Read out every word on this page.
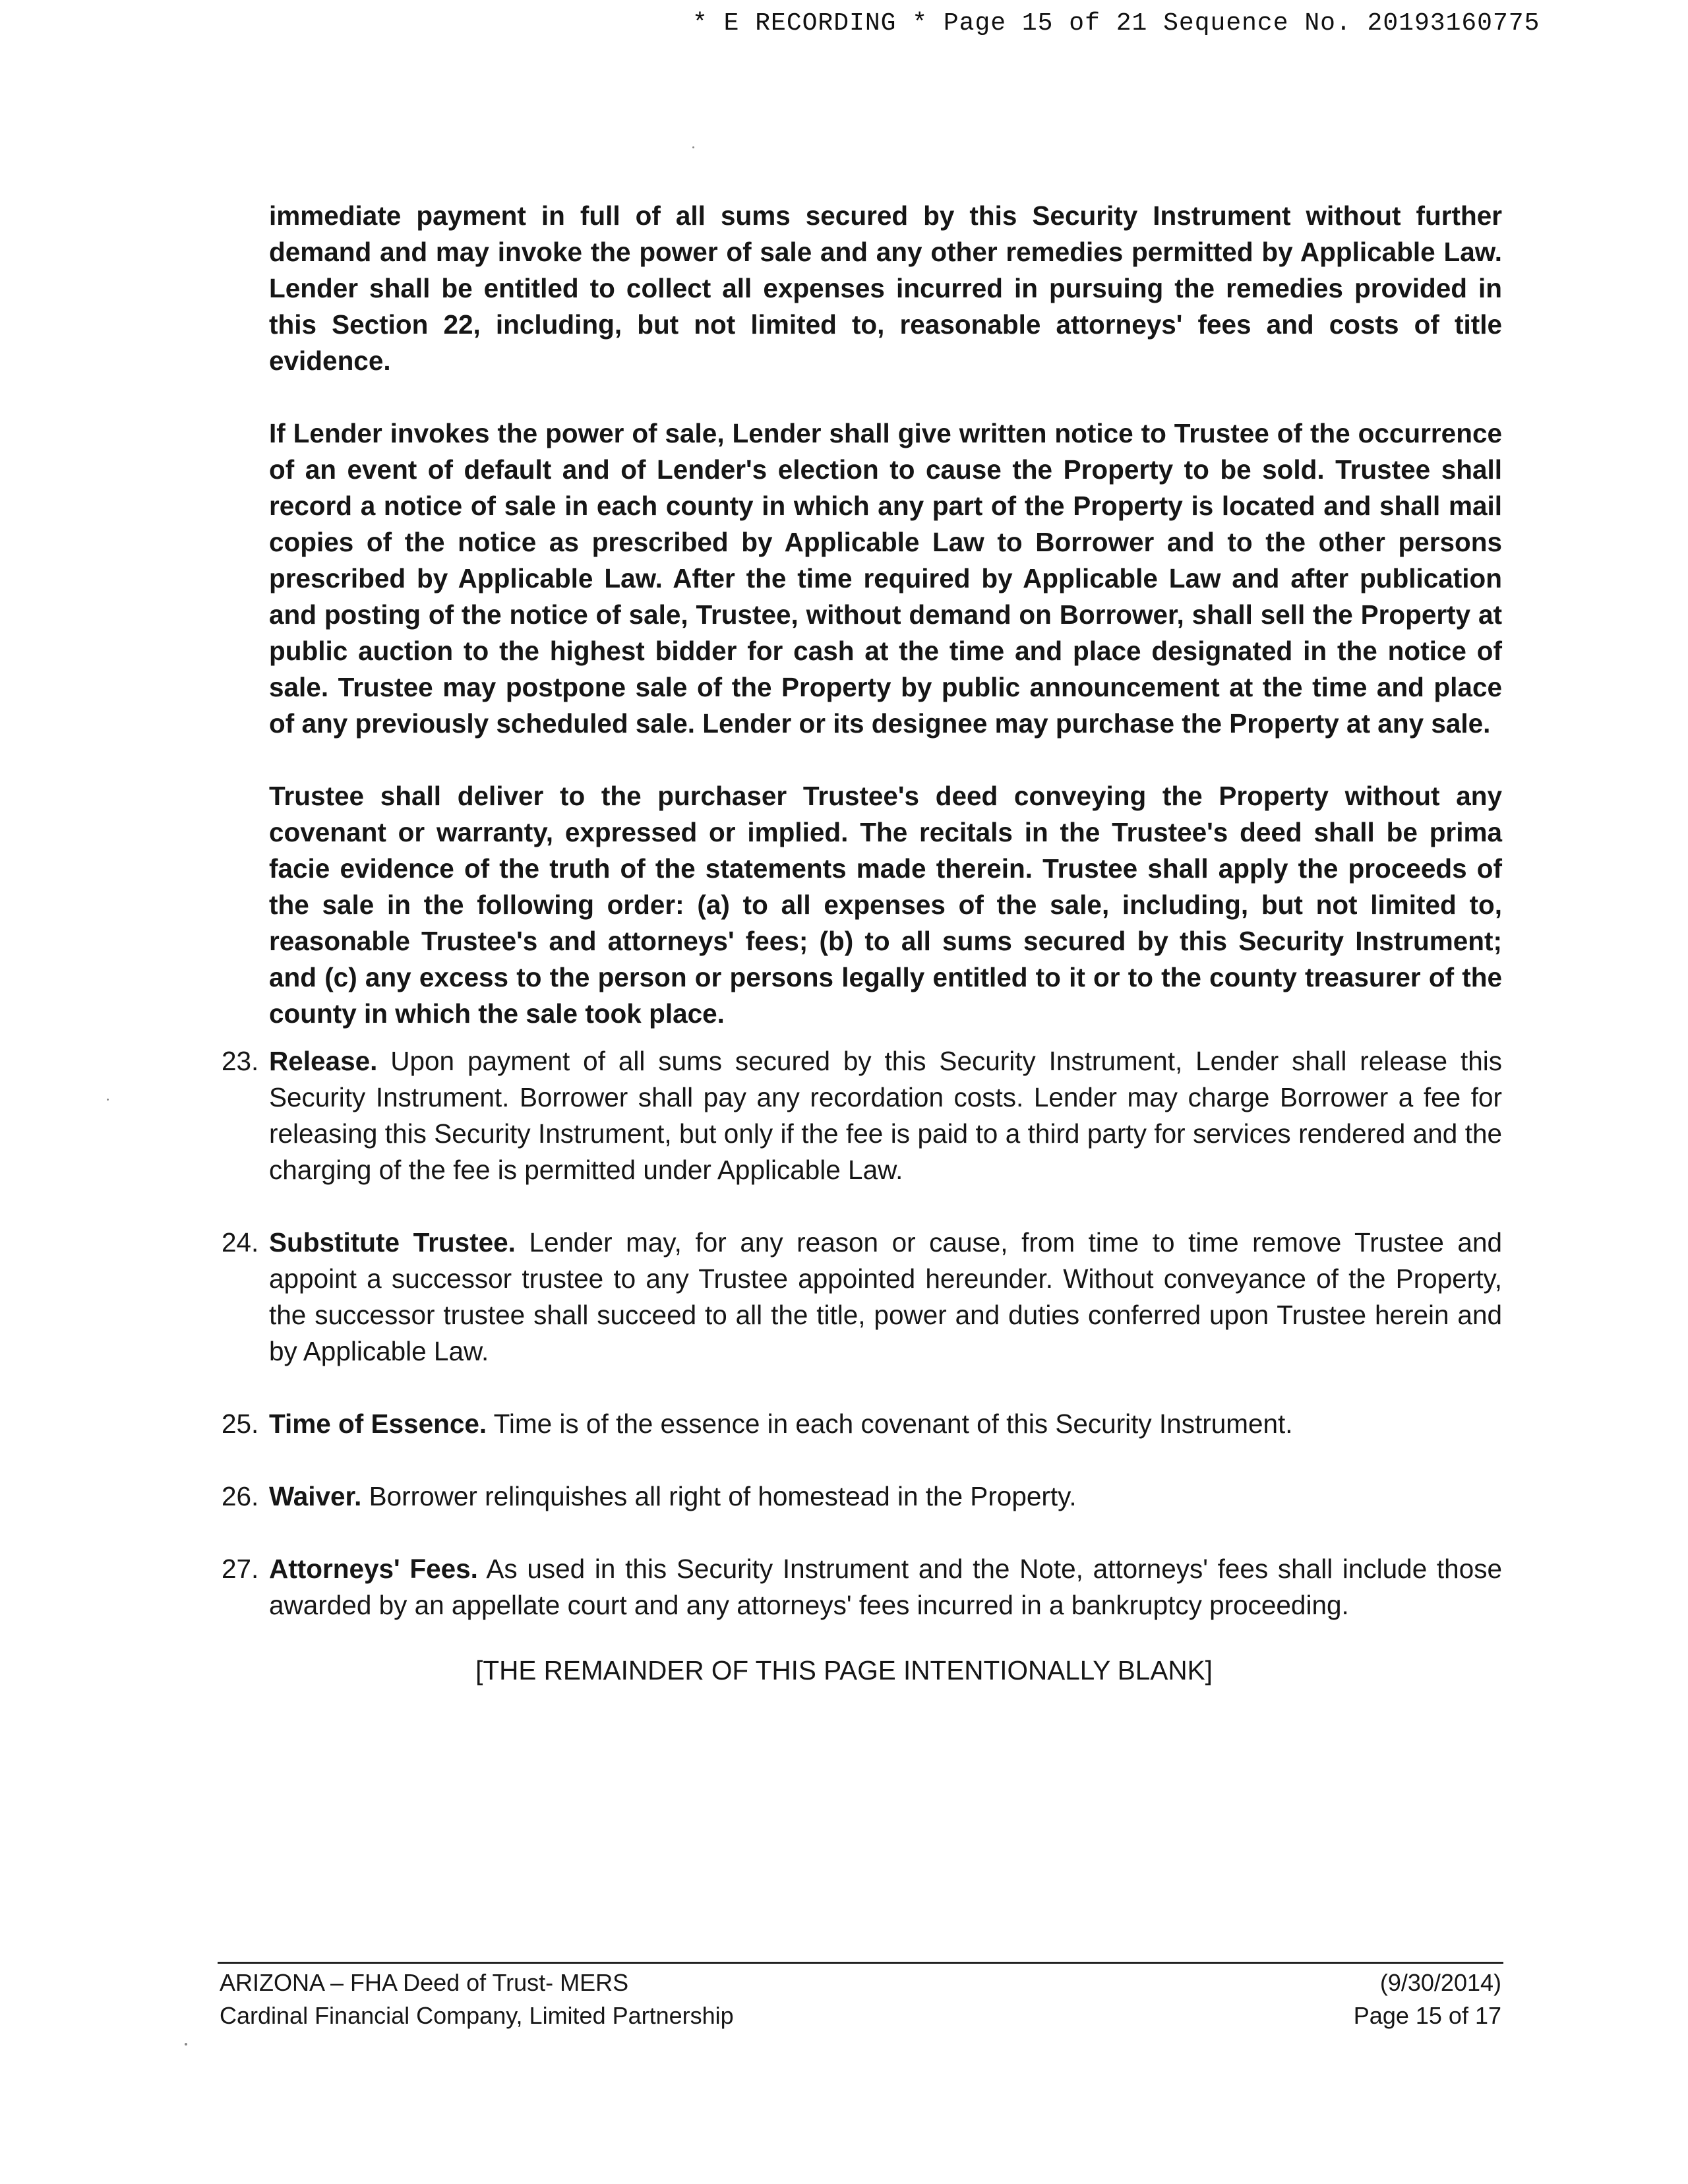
* E RECORDING * Page 15 of 21 Sequence No. 20193160775

immediate payment in full of all sums secured by this Security Instrument without further demand and may invoke the power of sale and any other remedies permitted by Applicable Law. Lender shall be entitled to collect all expenses incurred in pursuing the remedies provided in this Section 22, including, but not limited to, reasonable attorneys' fees and costs of title evidence.

If Lender invokes the power of sale, Lender shall give written notice to Trustee of the occurrence of an event of default and of Lender's election to cause the Property to be sold. Trustee shall record a notice of sale in each county in which any part of the Property is located and shall mail copies of the notice as prescribed by Applicable Law to Borrower and to the other persons prescribed by Applicable Law. After the time required by Applicable Law and after publication and posting of the notice of sale, Trustee, without demand on Borrower, shall sell the Property at public auction to the highest bidder for cash at the time and place designated in the notice of sale. Trustee may postpone sale of the Property by public announcement at the time and place of any previously scheduled sale. Lender or its designee may purchase the Property at any sale.

Trustee shall deliver to the purchaser Trustee's deed conveying the Property without any covenant or warranty, expressed or implied. The recitals in the Trustee's deed shall be prima facie evidence of the truth of the statements made therein. Trustee shall apply the proceeds of the sale in the following order: (a) to all expenses of the sale, including, but not limited to, reasonable Trustee's and attorneys' fees; (b) to all sums secured by this Security Instrument; and (c) any excess to the person or persons legally entitled to it or to the county treasurer of the county in which the sale took place.

23. Release. Upon payment of all sums secured by this Security Instrument, Lender shall release this Security Instrument. Borrower shall pay any recordation costs. Lender may charge Borrower a fee for releasing this Security Instrument, but only if the fee is paid to a third party for services rendered and the charging of the fee is permitted under Applicable Law.
24. Substitute Trustee. Lender may, for any reason or cause, from time to time remove Trustee and appoint a successor trustee to any Trustee appointed hereunder. Without conveyance of the Property, the successor trustee shall succeed to all the title, power and duties conferred upon Trustee herein and by Applicable Law.
25. Time of Essence. Time is of the essence in each covenant of this Security Instrument.
26. Waiver. Borrower relinquishes all right of homestead in the Property.
27. Attorneys' Fees. As used in this Security Instrument and the Note, attorneys' fees shall include those awarded by an appellate court and any attorneys' fees incurred in a bankruptcy proceeding.
[THE REMAINDER OF THIS PAGE INTENTIONALLY BLANK]
ARIZONA – FHA Deed of Trust- MERS
Cardinal Financial Company, Limited Partnership
(9/30/2014)
Page 15 of 17
